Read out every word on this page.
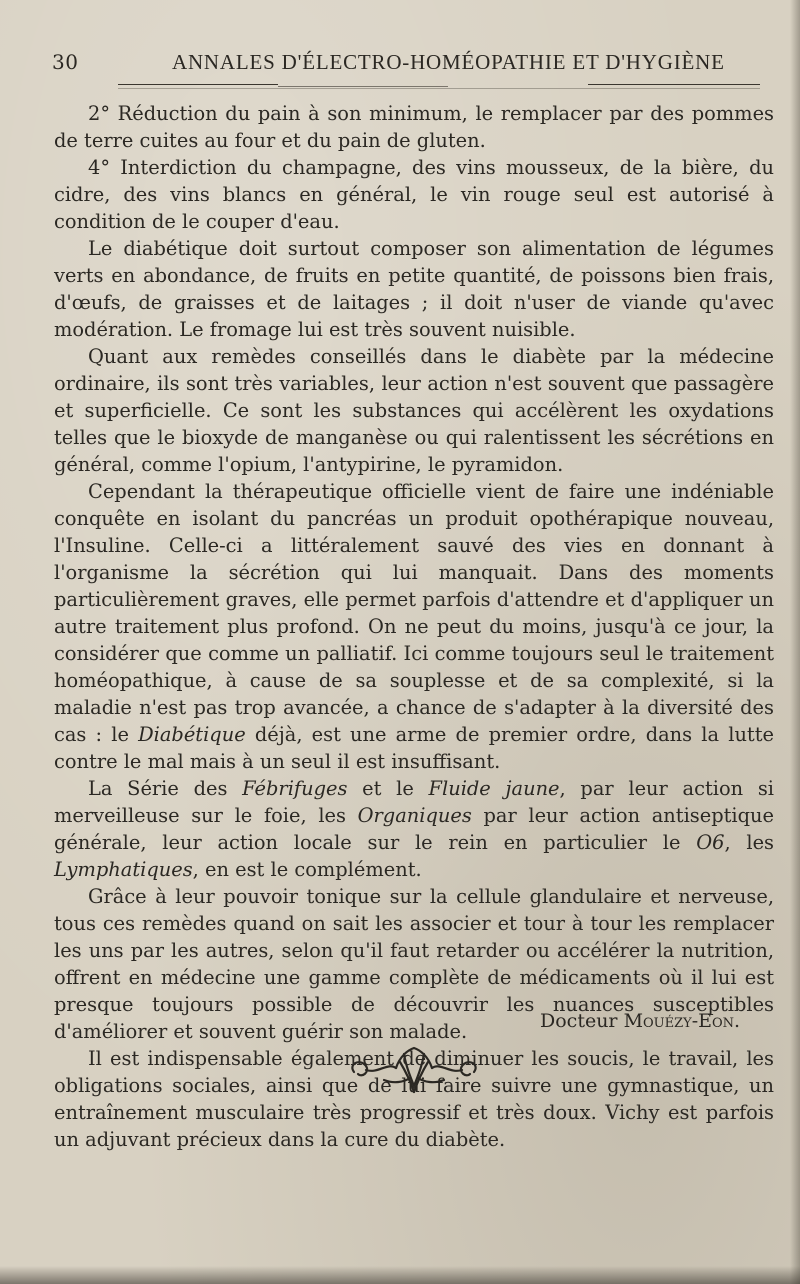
30	ANNALES D'ÉLECTRO-HOMÉOPATHIE ET D'HYGIÈNE

2° Réduction du pain à son minimum, le remplacer par des pommes de terre cuites au four et du pain de gluten.

4° Interdiction du champagne, des vins mousseux, de la bière, du cidre, des vins blancs en général, le vin rouge seul est autorisé à condition de le couper d'eau.

Le diabétique doit surtout composer son alimentation de légumes verts en abondance, de fruits en petite quantité, de poissons bien frais, d'œufs, de graisses et de laitages ; il doit n'user de viande qu'avec modération. Le fromage lui est très souvent nuisible.

Quant aux remèdes conseillés dans le diabète par la médecine ordinaire, ils sont très variables, leur action n'est souvent que passagère et superficielle. Ce sont les substances qui accélèrent les oxydations telles que le bioxyde de manganèse ou qui ralentissent les sécrétions en général, comme l'opium, l'antypirine, le pyramidon.

Cependant la thérapeutique officielle vient de faire une indéniable conquête en isolant du pancréas un produit opothérapique nouveau, l'Insuline. Celle-ci a littéralement sauvé des vies en donnant à l'organisme la sécrétion qui lui manquait. Dans des moments particulièrement graves, elle permet parfois d'attendre et d'appliquer un autre traitement plus profond. On ne peut du moins, jusqu'à ce jour, la considérer que comme un palliatif. Ici comme toujours seul le traitement homéopathique, à cause de sa souplesse et de sa complexité, si la maladie n'est pas trop avancée, a chance de s'adapter à la diversité des cas : le Diabétique déjà, est une arme de premier ordre, dans la lutte contre le mal mais à un seul il est insuffisant.

La Série des Fébrifuges et le Fluide jaune, par leur action si merveilleuse sur le foie, les Organiques par leur action antiseptique générale, leur action locale sur le rein en particulier le O6, les Lymphatiques, en est le complément.

Grâce à leur pouvoir tonique sur la cellule glandulaire et nerveuse, tous ces remèdes quand on sait les associer et tour à tour les remplacer les uns par les autres, selon qu'il faut retarder ou accélérer la nutrition, offrent en médecine une gamme complète de médicaments où il lui est presque toujours possible de découvrir les nuances susceptibles d'améliorer et souvent guérir son malade.

Il est indispensable également de diminuer les soucis, le travail, les obligations sociales, ainsi que de lui faire suivre une gymnastique, un entraînement musculaire très progressif et très doux. Vichy est parfois un adjuvant précieux dans la cure du diabète.

Docteur Mouézy-Eon.
